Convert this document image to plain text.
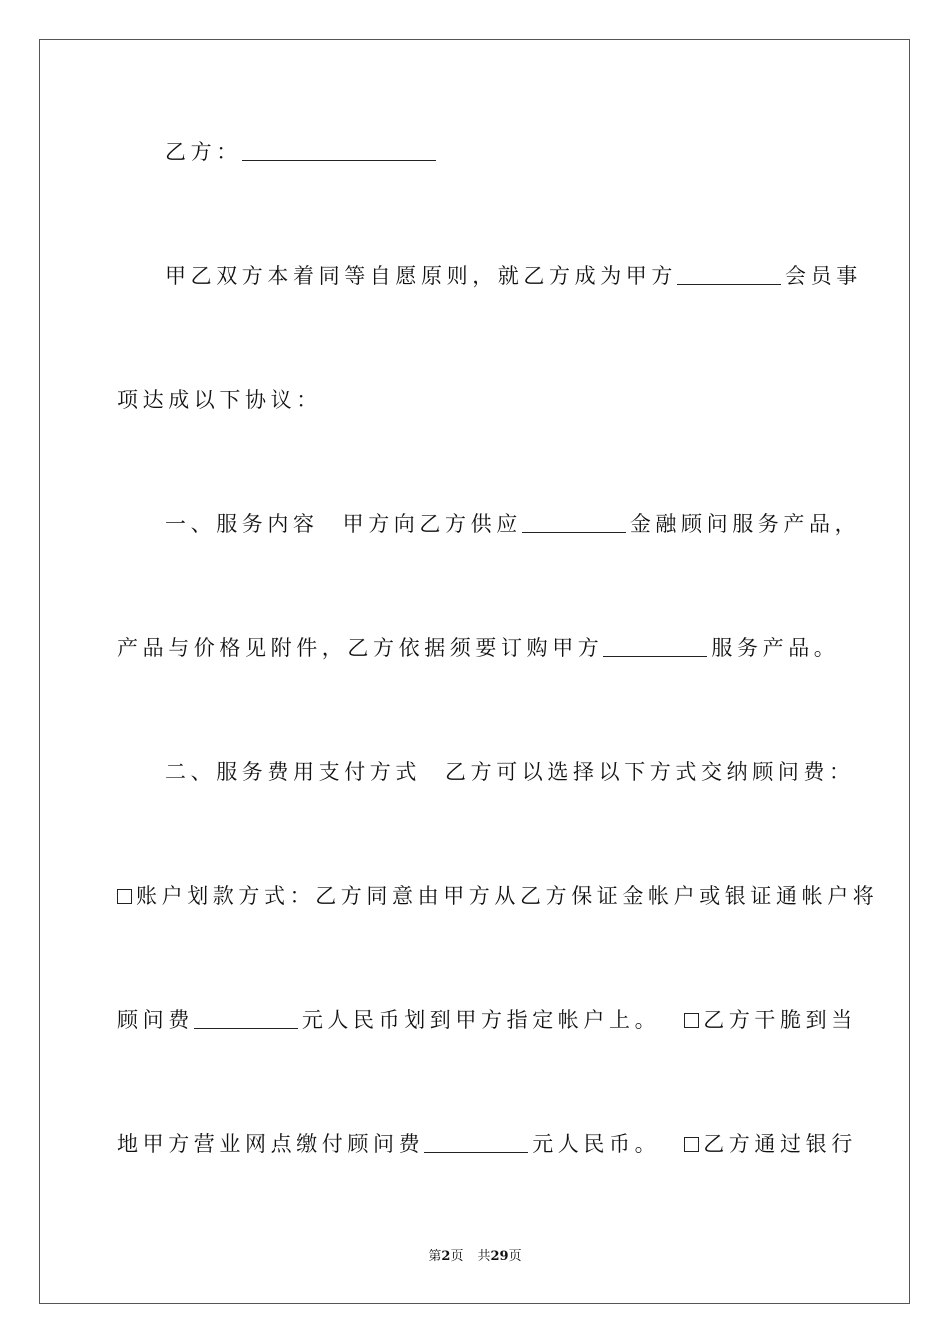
乙方：
甲乙双方本着同等自愿原则，就乙方成为甲方	会员事
项达成以下协议：
一、服务内容 甲方向乙方供应	金融顾问服务产品，
产品与价格见附件，乙方依据须要订购甲方	服务产品。
二、服务费用支付方式 乙方可以选择以下方式交纳顾问费：
账户划款方式：乙方同意由甲方从乙方保证金帐户或银证通帐户将
顾问费	元人民币划到甲方指定帐户上。 乙方干脆到当
地甲方营业网点缴付顾问费	元人民币。 乙方通过银行
第2页 共29页
